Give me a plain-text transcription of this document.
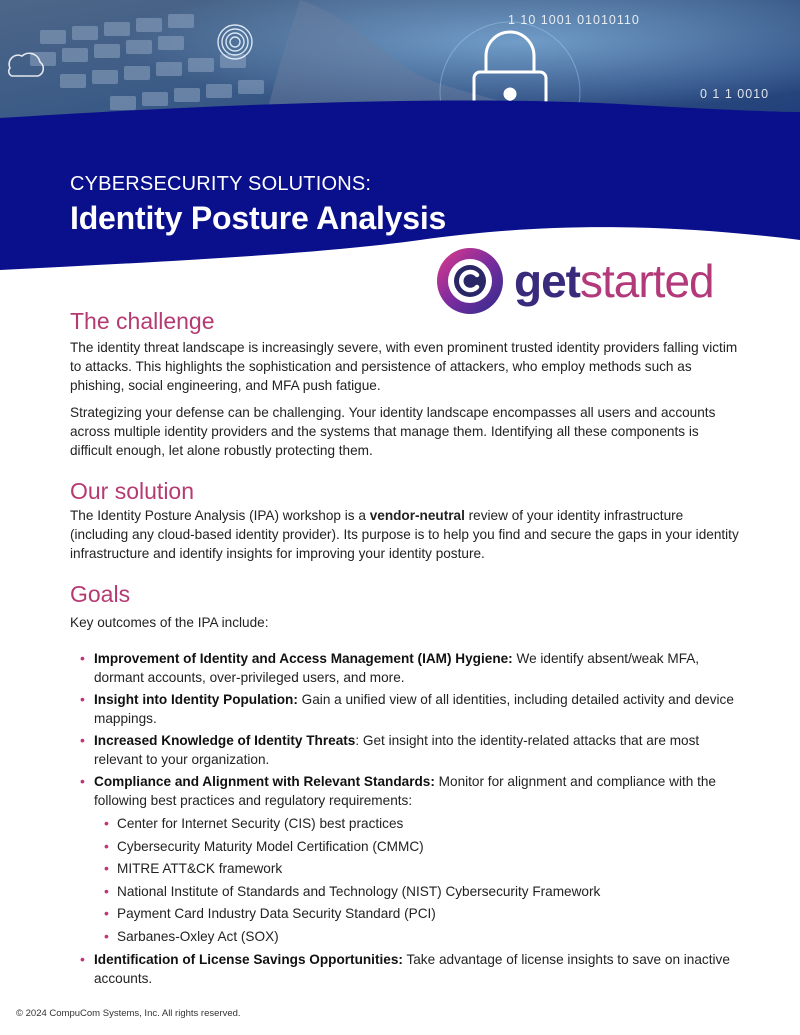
1 10 1001 01010110
0 1 1 0010
CYBERSECURITY SOLUTIONS:
Identity Posture Analysis
getstarted
The challenge

The identity threat landscape is increasingly severe, with even prominent trusted identity providers falling victim to attacks. This highlights the sophistication and persistence of attackers, who employ methods such as phishing, social engineering, and MFA push fatigue.

Strategizing your defense can be challenging. Your identity landscape encompasses all users and accounts across multiple identity providers and the systems that manage them. Identifying all these components is difficult enough, let alone robustly protecting them.

Our solution

The Identity Posture Analysis (IPA) workshop is a vendor-neutral review of your identity infrastructure (including any cloud-based identity provider). Its purpose is to help you find and secure the gaps in your identity infrastructure and identify insights for improving your identity posture.

Goals

Key outcomes of the IPA include:

• Improvement of Identity and Access Management (IAM) Hygiene: We identify absent/weak MFA, dormant accounts, over-privileged users, and more.
• Insight into Identity Population: Gain a unified view of all identities, including detailed activity and device mappings.
• Increased Knowledge of Identity Threats: Get insight into the identity-related attacks that are most relevant to your organization.
• Compliance and Alignment with Relevant Standards: Monitor for alignment and compliance with the following best practices and regulatory requirements:
• Center for Internet Security (CIS) best practices
• Cybersecurity Maturity Model Certification (CMMC)
• MITRE ATT&CK framework
• National Institute of Standards and Technology (NIST) Cybersecurity Framework
• Payment Card Industry Data Security Standard (PCI)
• Sarbanes-Oxley Act (SOX)
• Identification of License Savings Opportunities: Take advantage of license insights to save on inactive accounts.
© 2024 CompuCom Systems, Inc. All rights reserved.
